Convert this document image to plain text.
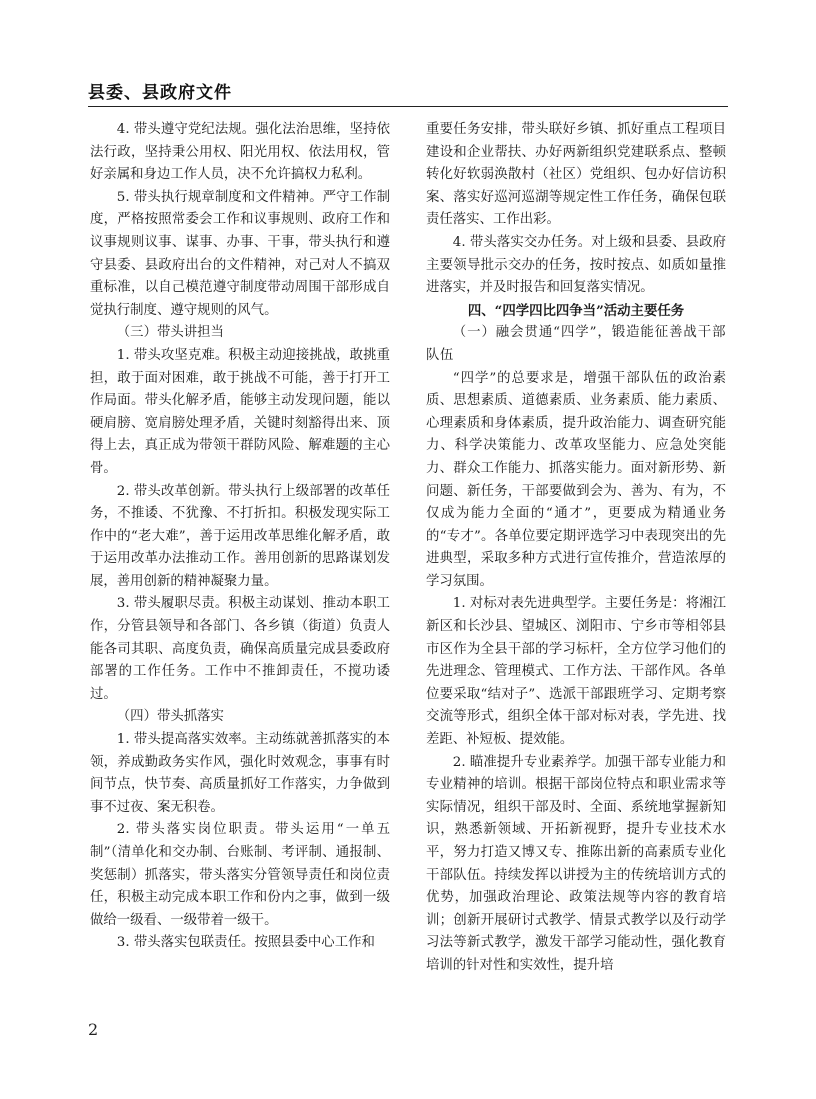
县委、县政府文件

4. 带头遵守党纪法规。强化法治思维，坚持依法行政，坚持秉公用权、阳光用权、依法用权，管好亲属和身边工作人员，决不允许搞权力私利。

5. 带头执行规章制度和文件精神。严守工作制度，严格按照常委会工作和议事规则、政府工作和议事规则议事、谋事、办事、干事，带头执行和遵守县委、县政府出台的文件精神，对己对人不搞双重标准，以自己模范遵守制度带动周围干部形成自觉执行制度、遵守规则的风气。

（三）带头讲担当

1. 带头攻坚克难。积极主动迎接挑战，敢挑重担，敢于面对困难，敢于挑战不可能，善于打开工作局面。带头化解矛盾，能够主动发现问题，能以硬肩膀、宽肩膀处理矛盾，关键时刻豁得出来、顶得上去，真正成为带领干群防风险、解难题的主心骨。

2. 带头改革创新。带头执行上级部署的改革任务，不推诿、不犹豫、不打折扣。积极发现实际工作中的“老大难”，善于运用改革思维化解矛盾，敢于运用改革办法推动工作。善用创新的思路谋划发展，善用创新的精神凝聚力量。

3. 带头履职尽责。积极主动谋划、推动本职工作，分管县领导和各部门、各乡镇（街道）负责人能各司其职、高度负责，确保高质量完成县委政府部署的工作任务。工作中不推卸责任，不搅功诿过。

（四）带头抓落实

1. 带头提高落实效率。主动练就善抓落实的本领，养成勤政务实作风，强化时效观念，事事有时间节点，快节奏、高质量抓好工作落实，力争做到事不过夜、案无积卷。

2. 带头落实岗位职责。带头运用“一单五制”（清单化和交办制、台账制、考评制、通报制、奖惩制）抓落实，带头落实分管领导责任和岗位责任，积极主动完成本职工作和份内之事，做到一级做给一级看、一级带着一级干。

3. 带头落实包联责任。按照县委中心工作和

重要任务安排，带头联好乡镇、抓好重点工程项目建设和企业帮扶、办好两新组织党建联系点、整顿转化好软弱涣散村（社区）党组织、包办好信访积案、落实好巡河巡湖等规定性工作任务，确保包联责任落实、工作出彩。

4. 带头落实交办任务。对上级和县委、县政府主要领导批示交办的任务，按时按点、如质如量推进落实，并及时报告和回复落实情况。

四、“四学四比四争当”活动主要任务

（一）融会贯通“四学”，锻造能征善战干部队伍

“四学”的总要求是，增强干部队伍的政治素质、思想素质、道德素质、业务素质、能力素质、心理素质和身体素质，提升政治能力、调查研究能力、科学决策能力、改革攻坚能力、应急处突能力、群众工作能力、抓落实能力。面对新形势、新问题、新任务，干部要做到会为、善为、有为，不仅成为能力全面的“通才”，更要成为精通业务的“专才”。各单位要定期评选学习中表现突出的先进典型，采取多种方式进行宣传推介，营造浓厚的学习氛围。

1. 对标对表先进典型学。主要任务是：将湘江新区和长沙县、望城区、浏阳市、宁乡市等相邻县市区作为全县干部的学习标杆，全方位学习他们的先进理念、管理模式、工作方法、干部作风。各单位要采取“结对子”、选派干部跟班学习、定期考察交流等形式，组织全体干部对标对表，学先进、找差距、补短板、提效能。

2. 瞄准提升专业素养学。加强干部专业能力和专业精神的培训。根据干部岗位特点和职业需求等实际情况，组织干部及时、全面、系统地掌握新知识，熟悉新领域、开拓新视野，提升专业技术水平，努力打造又博又专、推陈出新的高素质专业化干部队伍。持续发挥以讲授为主的传统培训方式的优势，加强政治理论、政策法规等内容的教育培训；创新开展研讨式教学、情景式教学以及行动学习法等新式教学，激发干部学习能动性，强化教育培训的针对性和实效性，提升培

2
